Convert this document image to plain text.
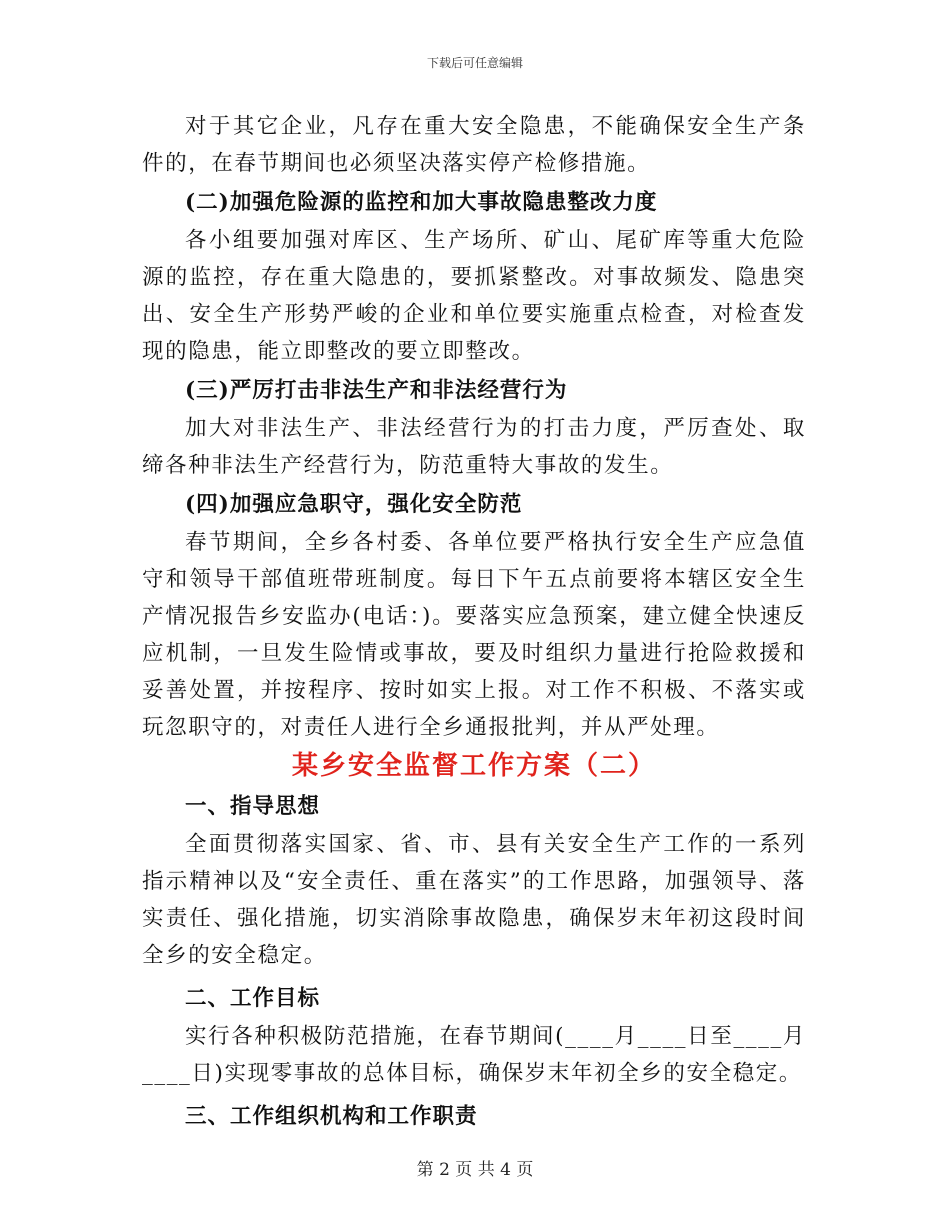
下载后可任意编辑

对于其它企业，凡存在重大安全隐患，不能确保安全生产条件的，在春节期间也必须坚决落实停产检修措施。

(二)加强危险源的监控和加大事故隐患整改力度

各小组要加强对库区、生产场所、矿山、尾矿库等重大危险源的监控，存在重大隐患的，要抓紧整改。对事故频发、隐患突出、安全生产形势严峻的企业和单位要实施重点检查，对检查发现的隐患，能立即整改的要立即整改。

(三)严厉打击非法生产和非法经营行为

加大对非法生产、非法经营行为的打击力度，严厉查处、取缔各种非法生产经营行为，防范重特大事故的发生。

(四)加强应急职守，强化安全防范

春节期间，全乡各村委、各单位要严格执行安全生产应急值守和领导干部值班带班制度。每日下午五点前要将本辖区安全生产情况报告乡安监办(电话：)。要落实应急预案，建立健全快速反应机制，一旦发生险情或事故，要及时组织力量进行抢险救援和妥善处置，并按程序、按时如实上报。对工作不积极、不落实或玩忽职守的，对责任人进行全乡通报批判，并从严处理。

某乡安全监督工作方案（二）

一、指导思想

全面贯彻落实国家、省、市、县有关安全生产工作的一系列指示精神以及“安全责任、重在落实”的工作思路，加强领导、落实责任、强化措施，切实消除事故隐患，确保岁末年初这段时间全乡的安全稳定。

二、工作目标

实行各种积极防范措施，在春节期间(____月____日至____月____日)实现零事故的总体目标，确保岁末年初全乡的安全稳定。

三、工作组织机构和工作职责

第 2 页 共 4 页
